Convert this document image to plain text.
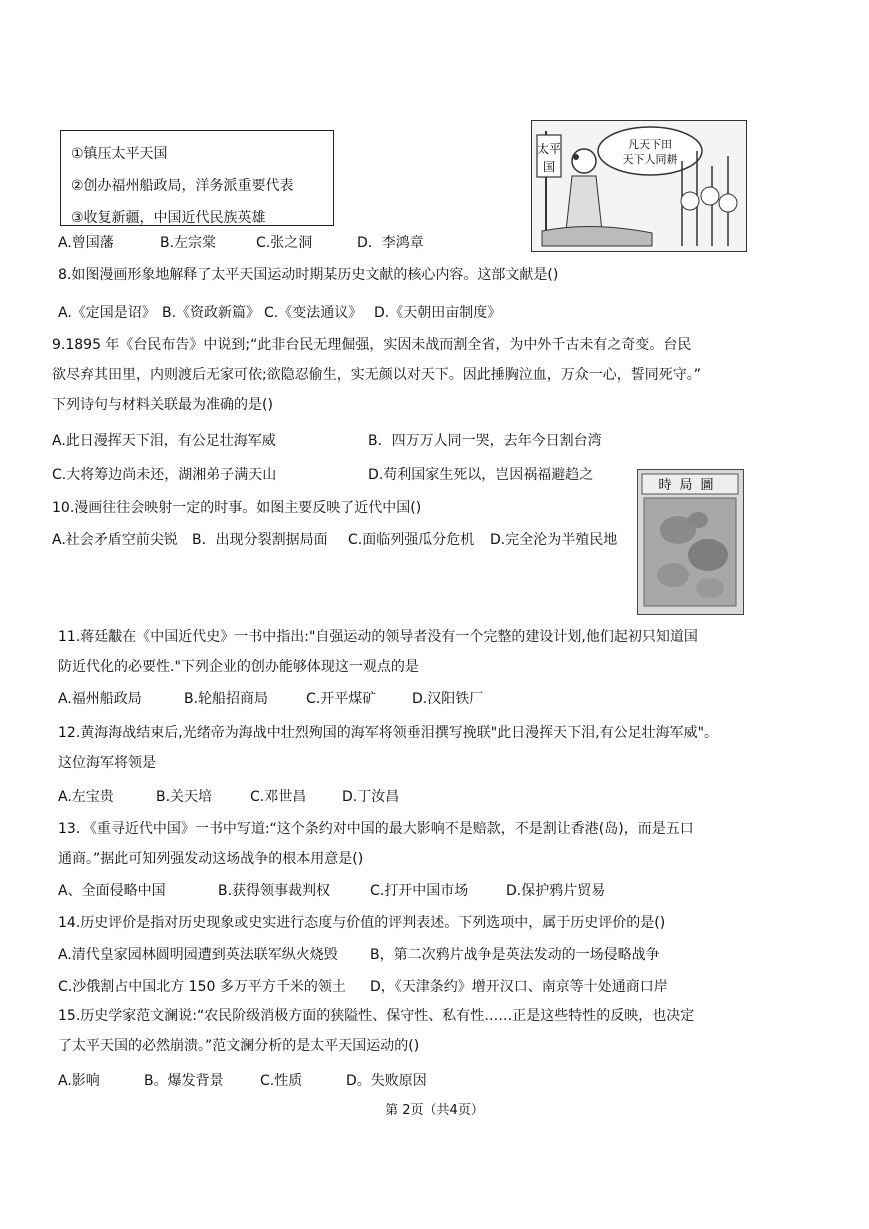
①镇压太平天国
②创办福州船政局，洋务派重要代表
③收复新疆，中国近代民族英雄
A.曾国藩	B.左宗棠	C.张之洞	D．李鸿章
太平
国
凡天下田
天下人同耕
8.如图漫画形象地解释了太平天国运动时期某历史文献的核心内容。这部文献是()
A.《定国是诏》 B.《资政新篇》 C.《变法通议》 D.《天朝田亩制度》
9.1895 年《台民布告》中说到;“此非台民无理倔强，实因未战而割全省，为中外千古未有之奇变。台民
欲尽弃其田里，内则渡后无家可依;欲隐忍偷生，实无颜以对天下。因此捶胸泣血，万众一心，誓同死守。”
下列诗句与材料关联最为准确的是()
A.此日漫挥天下泪，有公足壮海军威	B．四万万人同一哭，去年今日割台湾
C.大将筹边尚未还，湖湘弟子满天山	D.苟利国家生死以，岂因祸福避趋之
時局圖
10.漫画往往会映射一定的时事。如图主要反映了近代中国()
A.社会矛盾空前尖锐 B．出现分裂割据局面 C.面临列强瓜分危机 D.完全沦为半殖民地
11.蒋廷黻在《中国近代史》一书中指出:"自强运动的领导者没有一个完整的建设计划,他们起初只知道国
防近代化的必要性."下列企业的创办能够体现这一观点的是
A.福州船政局	B.轮船招商局	C.开平煤矿	D.汉阳铁厂
12.黄海海战结束后,光绪帝为海战中壮烈殉国的海军将领垂泪撰写挽联"此日漫挥天下泪,有公足壮海军威"。
这位海军将领是
A.左宝贵	B.关天培	C.邓世昌	D.丁汝昌
13．《重寻近代中国》一书中写道:“这个条约对中国的最大影响不是赔款，不是割让香港(岛)，而是五口
通商。”据此可知列强发动这场战争的根本用意是()
A、全面侵略中国	B.获得领事裁判权	C.打开中国市场	D.保护鸦片贸易
14.历史评价是指对历史现象或史实进行态度与价值的评判表述。下列选项中，属于历史评价的是()
A.清代皇家园林圆明园遭到英法联军纵火烧毁 B，第二次鸦片战争是英法发动的一场侵略战争
C.沙俄割占中国北方 150 多万平方千米的领土 D，《天津条约》增开汉口、南京等十处通商口岸
15.历史学家范文澜说:“农民阶级消极方面的狭隘性、保守性、私有性……正是这些特性的反映，也决定
了太平天国的必然崩溃。”范文澜分析的是太平天国运动的()
A.影响	B。爆发背景	C.性质	D。失败原因
第 2页（共4页）
